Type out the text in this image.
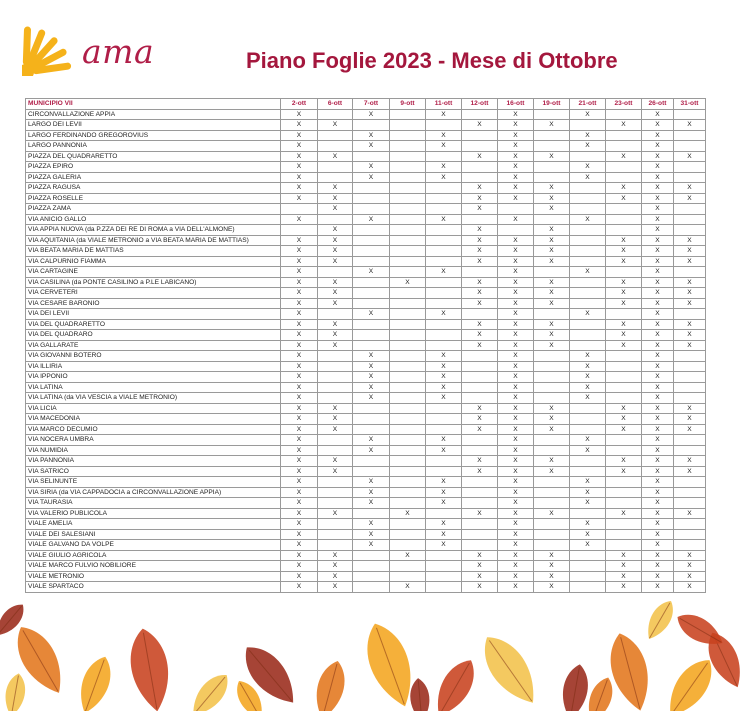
ama	Piano Foglie 2023 - Mese di Ottobre
MUNICIPIO VII	2-ott	6-ott	7-ott	9-ott	11-ott	12-ott	16-ott	19-ott	21-ott	23-ott	26-ott	31-ott
CIRCONVALLAZIONE APPIA	X		X		X		X		X		X	
LARGO DEI LEVII	X	X				X	X	X		X	X	X
LARGO FERDINANDO GREGOROVIUS	X		X		X		X		X		X	
LARGO PANNONIA	X		X		X		X		X		X	
PIAZZA DEL QUADRARETTO	X	X				X	X	X		X	X	X
PIAZZA EPIRO	X		X		X		X		X		X	
PIAZZA GALERIA	X		X		X		X		X		X	
PIAZZA RAGUSA	X	X				X	X	X		X	X	X
PIAZZA ROSELLE	X	X				X	X	X		X	X	X
PIAZZA ZAMA		X				X		X			X	
VIA ANICIO GALLO	X		X		X		X		X		X	
VIA APPIA NUOVA (da P.ZZA DEI RE DI ROMA a VIA DELL'ALMONE)		X				X		X			X	
VIA AQUITANIA (da VIALE METRONIO a VIA BEATA MARIA DE MATTIAS)	X	X				X	X	X		X	X	X
VIA BEATA MARIA DE MATTIAS	X	X				X	X	X		X	X	X
VIA CALPURNIO FIAMMA	X	X				X	X	X		X	X	X
VIA CARTAGINE	X		X		X		X		X		X	
VIA CASILINA (da PONTE CASILINO a P.LE LABICANO)	X	X		X		X	X	X		X	X	X
VIA CERVETERI	X	X				X	X	X		X	X	X
VIA CESARE BARONIO	X	X				X	X	X		X	X	X
VIA DEI LEVII	X		X		X		X		X		X	
VIA DEL QUADRARETTO	X	X				X	X	X		X	X	X
VIA DEL QUADRARO	X	X				X	X	X		X	X	X
VIA GALLARATE	X	X				X	X	X		X	X	X
VIA GIOVANNI BOTERO	X		X		X		X		X		X	
VIA ILLIRIA	X		X		X		X		X		X	
VIA IPPONIO	X		X		X		X		X		X	
VIA LATINA	X		X		X		X		X		X	
VIA LATINA (da VIA VESCIA a VIALE METRONIO)	X		X		X		X		X		X	
VIA LICIA	X	X				X	X	X		X	X	X
VIA MACEDONIA	X	X				X	X	X		X	X	X
VIA MARCO DECUMIO	X	X				X	X	X		X	X	X
VIA NOCERA UMBRA	X		X		X		X		X		X	
VIA NUMIDIA	X		X		X		X		X		X	
VIA PANNONIA	X	X				X	X	X		X	X	X
VIA SATRICO	X	X				X	X	X		X	X	X
VIA SELINUNTE	X		X		X		X		X		X	
VIA SIRIA (da VIA CAPPADOCIA a CIRCONVALLAZIONE APPIA)	X		X		X		X		X		X	
VIA TAURASIA	X		X		X		X		X		X	
VIA VALERIO PUBLICOLA	X	X		X		X	X	X		X	X	X
VIALE AMELIA	X		X		X		X		X		X	
VIALE DEI SALESIANI	X		X		X		X		X		X	
VIALE GALVANO DA VOLPE	X		X		X		X		X		X	
VIALE GIULIO AGRICOLA	X	X		X		X	X	X		X	X	X
VIALE MARCO FULVIO NOBILIORE	X	X				X	X	X		X	X	X
VIALE METRONIO	X	X				X	X	X		X	X	X
VIALE SPARTACO	X	X		X		X	X	X		X	X	X
